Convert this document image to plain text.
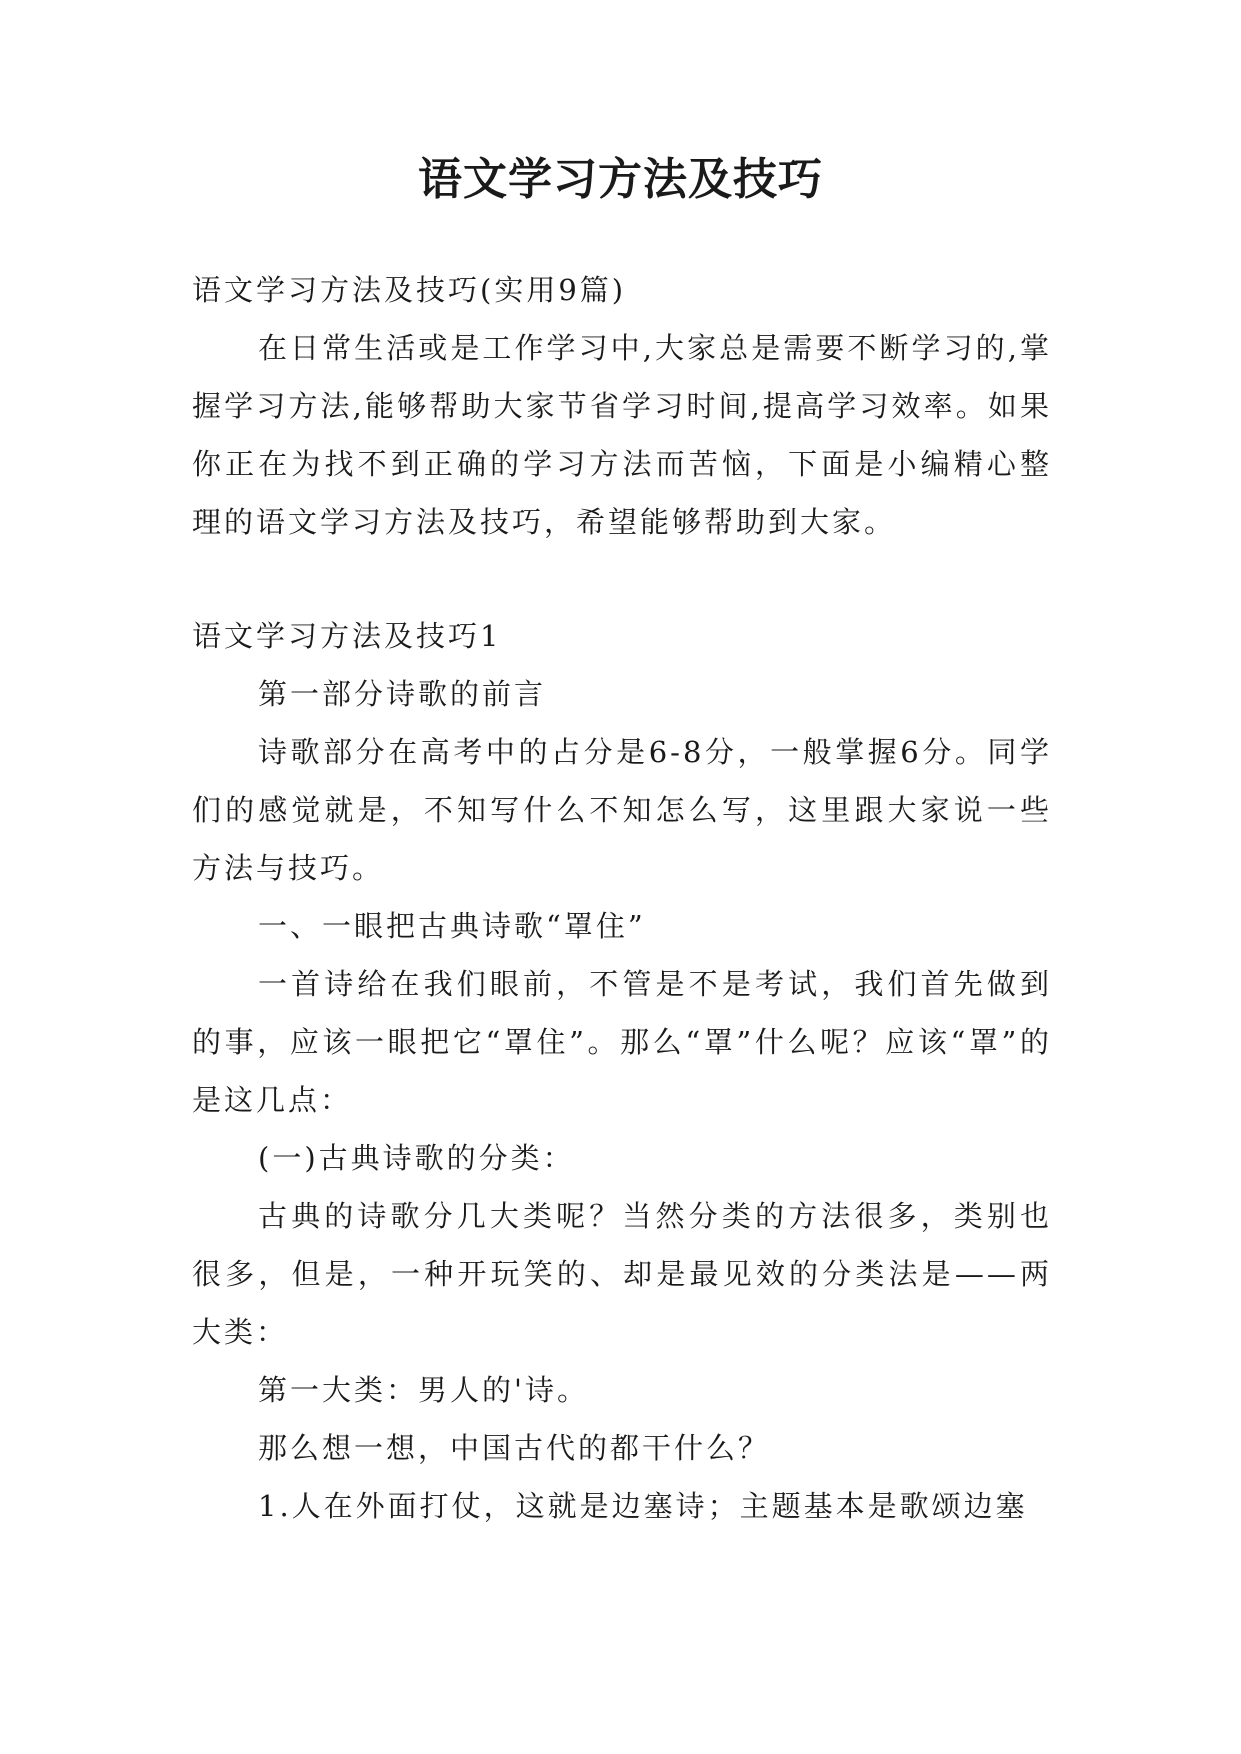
语文学习方法及技巧

语文学习方法及技巧(实用9篇)

在日常生活或是工作学习中,大家总是需要不断学习的,掌握学习方法,能够帮助大家节省学习时间,提高学习效率。如果你正在为找不到正确的学习方法而苦恼，下面是小编精心整理的语文学习方法及技巧，希望能够帮助到大家。

语文学习方法及技巧1

第一部分诗歌的前言

诗歌部分在高考中的占分是6-8分，一般掌握6分。同学们的感觉就是，不知写什么不知怎么写，这里跟大家说一些方法与技巧。

一、一眼把古典诗歌“罩住”

一首诗给在我们眼前，不管是不是考试，我们首先做到的事，应该一眼把它“罩住”。那么“罩”什么呢？应该“罩”的是这几点：

(一)古典诗歌的分类：

古典的诗歌分几大类呢？当然分类的方法很多，类别也很多，但是，一种开玩笑的、却是最见效的分类法是——两大类：

第一大类：男人的'诗。

那么想一想，中国古代的都干什么？

1.人在外面打仗，这就是边塞诗；主题基本是歌颂边塞
